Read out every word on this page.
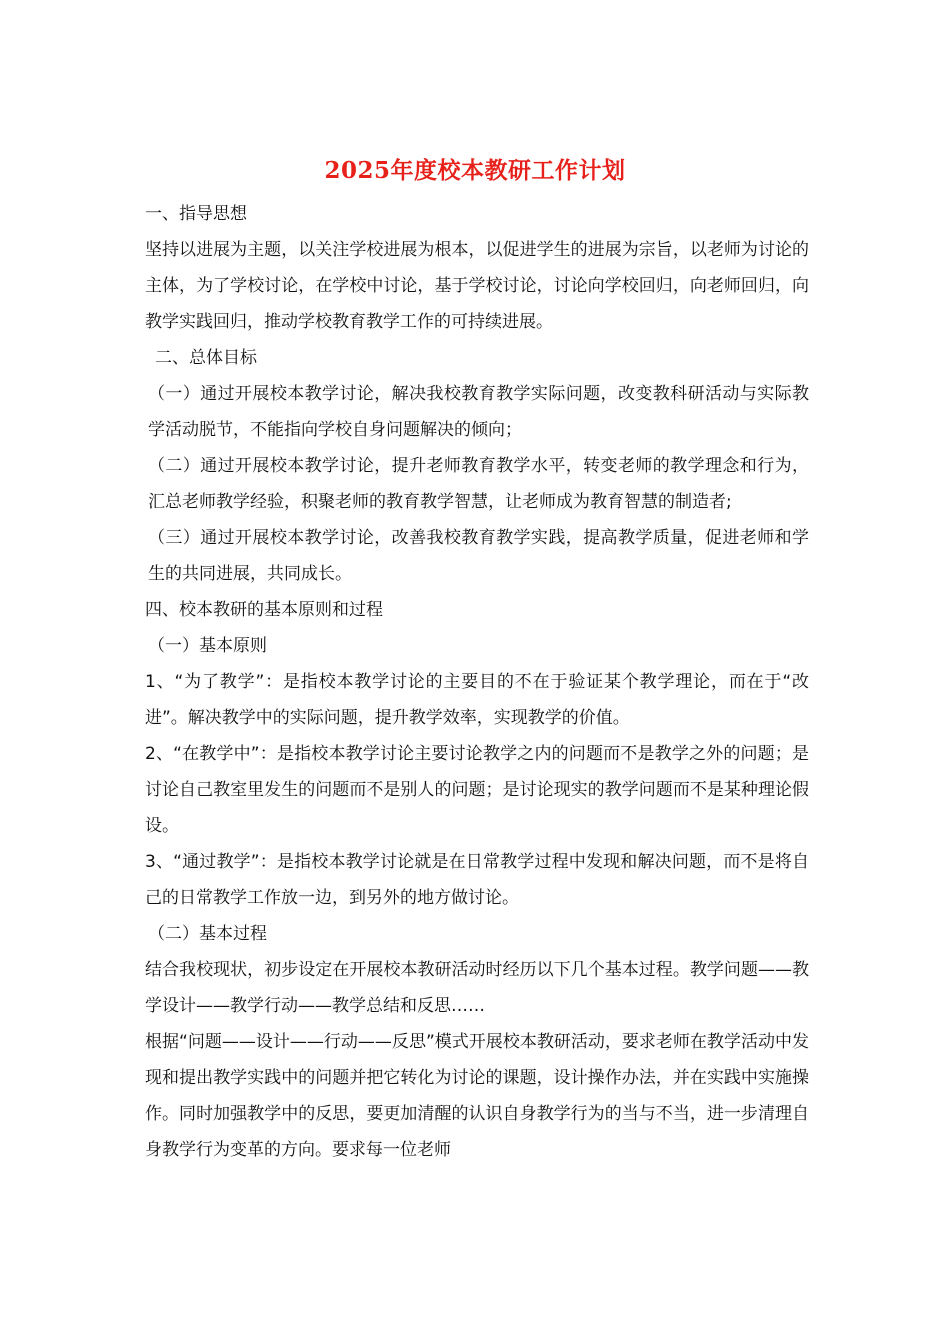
2025年度校本教研工作计划

一、指导思想

坚持以进展为主题，以关注学校进展为根本，以促进学生的进展为宗旨，以老师为讨论的主体，为了学校讨论，在学校中讨论，基于学校讨论，讨论向学校回归，向老师回归，向教学实践回归，推动学校教育教学工作的可持续进展。

二、总体目标

（一）通过开展校本教学讨论，解决我校教育教学实际问题，改变教科研活动与实际教学活动脱节，不能指向学校自身问题解决的倾向；

（二）通过开展校本教学讨论，提升老师教育教学水平，转变老师的教学理念和行为，汇总老师教学经验，积聚老师的教育教学智慧，让老师成为教育智慧的制造者;

（三）通过开展校本教学讨论，改善我校教育教学实践，提高教学质量，促进老师和学生的共同进展，共同成长。

四、校本教研的基本原则和过程

（一）基本原则

1、“为了教学”：是指校本教学讨论的主要目的不在于验证某个教学理论，而在于“改进”。解决教学中的实际问题，提升教学效率，实现教学的价值。

2、“在教学中”：是指校本教学讨论主要讨论教学之内的问题而不是教学之外的问题；是讨论自己教室里发生的问题而不是别人的问题；是讨论现实的教学问题而不是某种理论假设。

3、“通过教学”：是指校本教学讨论就是在日常教学过程中发现和解决问题，而不是将自己的日常教学工作放一边，到另外的地方做讨论。

（二）基本过程

结合我校现状，初步设定在开展校本教研活动时经历以下几个基本过程。教学问题——教学设计——教学行动——教学总结和反思……

根据“问题——设计——行动——反思”模式开展校本教研活动，要求老师在教学活动中发现和提出教学实践中的问题并把它转化为讨论的课题，设计操作办法，并在实践中实施操作。同时加强教学中的反思，要更加清醒的认识自身教学行为的当与不当，进一步清理自身教学行为变革的方向。要求每一位老师
